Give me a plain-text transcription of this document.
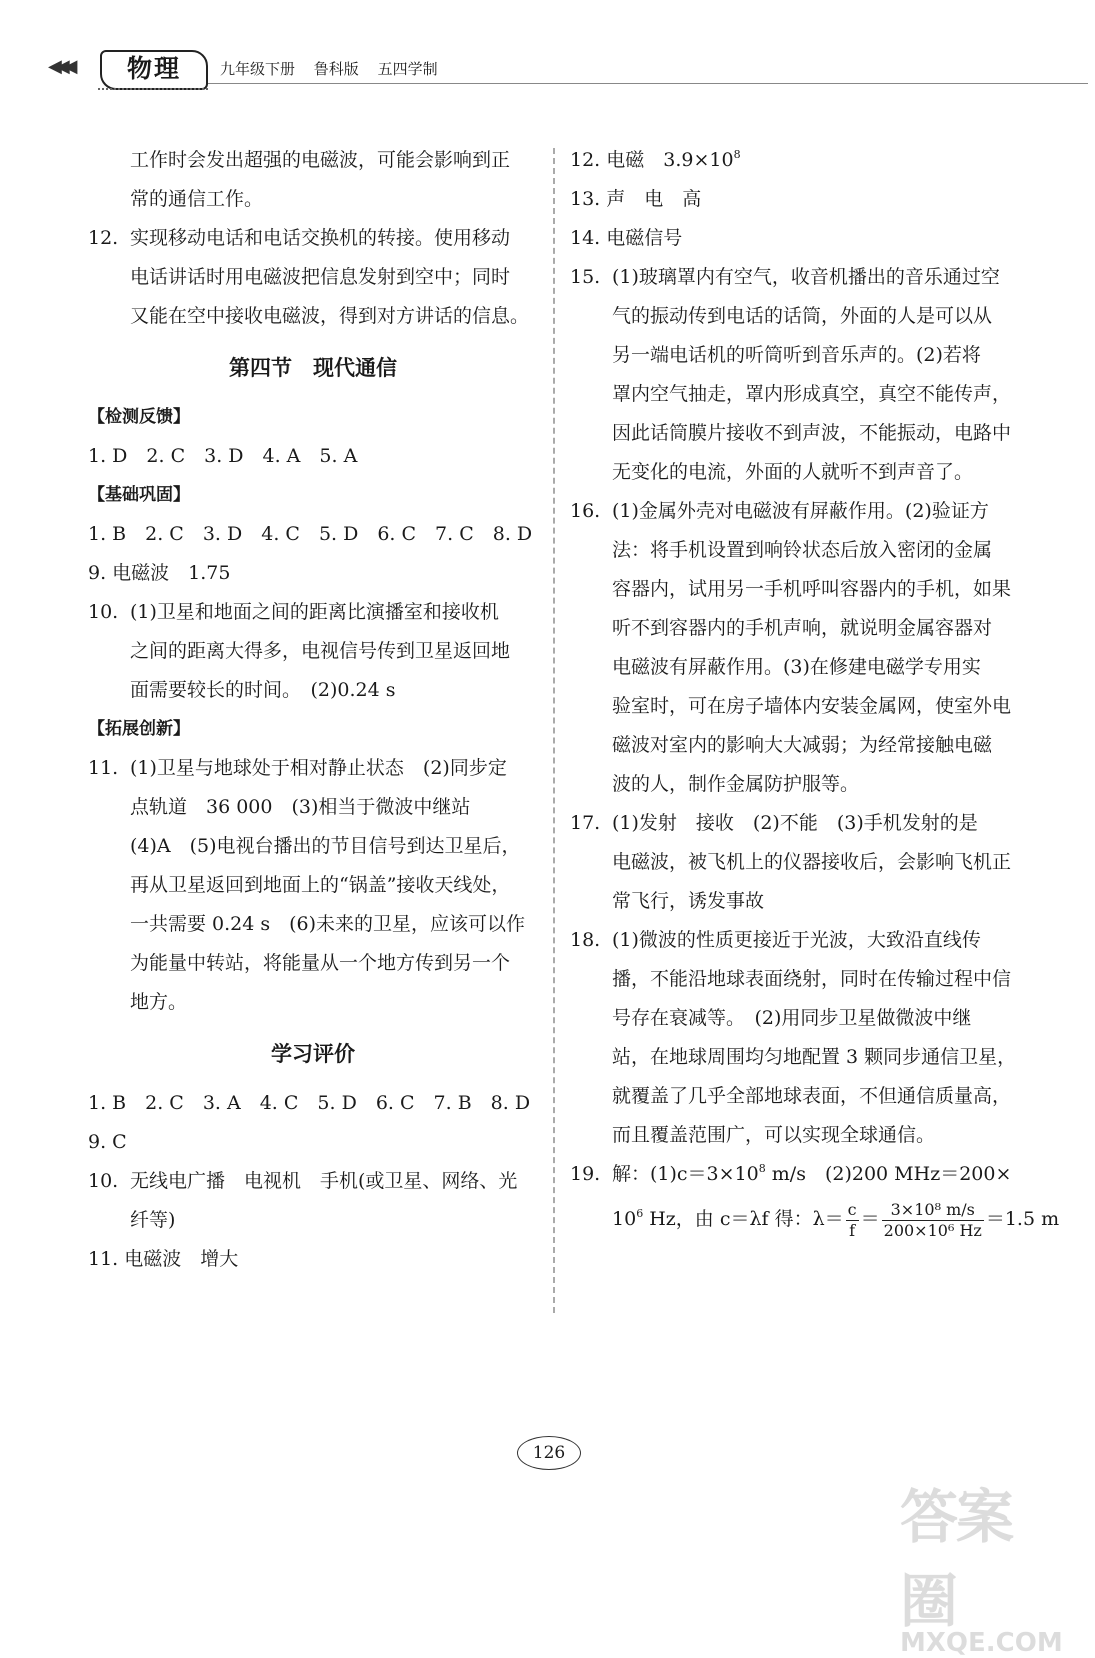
◀◀◀	物理	九年级下册 鲁科版 五四学制
工作时会发出超强的电磁波，可能会影响到正
常的通信工作。
12. 实现移动电话和电话交换机的转接。使用移动
电话讲话时用电磁波把信息发射到空中；同时
又能在空中接收电磁波，得到对方讲话的信息。
第四节　现代通信
【检测反馈】
1. D　2. C　3. D　4. A　5. A
【基础巩固】
1. B　2. C　3. D　4. C　5. D　6. C　7. C　8. D
9. 电磁波　1.75
10. (1)卫星和地面之间的距离比演播室和接收机
之间的距离大得多，电视信号传到卫星返回地
面需要较长的时间。　(2)0.24 s
【拓展创新】
11. (1)卫星与地球处于相对静止状态　(2)同步定
点轨道　36 000　(3)相当于微波中继站
(4)A　(5)电视台播出的节目信号到达卫星后，
再从卫星返回到地面上的“锅盖”接收天线处，
一共需要 0.24 s　(6)未来的卫星，应该可以作
为能量中转站，将能量从一个地方传到另一个
地方。
学习评价
1. B　2. C　3. A　4. C　5. D　6. C　7. B　8. D
9. C
10. 无线电广播　电视机　手机(或卫星、网络、光
纤等)
11. 电磁波　增大
12. 电磁　$3.9\times 10^8$
13. 声　电　高
14. 电磁信号
15. (1)玻璃罩内有空气，收音机播出的音乐通过空
气的振动传到电话的话筒，外面的人是可以从
另一端电话机的听筒听到音乐声的。(2)若将
罩内空气抽走，罩内形成真空，真空不能传声，
因此话筒膜片接收不到声波，不能振动，电路中
无变化的电流，外面的人就听不到声音了。
16. (1)金属外壳对电磁波有屏蔽作用。(2)验证方
法：将手机设置到响铃状态后放入密闭的金属
容器内，试用另一手机呼叫容器内的手机，如果
听不到容器内的手机声响，就说明金属容器对
电磁波有屏蔽作用。(3)在修建电磁学专用实
验室时，可在房子墙体内安装金属网，使室外电
磁波对室内的影响大大减弱；为经常接触电磁
波的人，制作金属防护服等。
17. (1)发射　接收　(2)不能　(3)手机发射的是
电磁波，被飞机上的仪器接收后，会影响飞机正
常飞行，诱发事故
18. (1)微波的性质更接近于光波，大致沿直线传
播，不能沿地球表面绕射，同时在传输过程中信
号存在衰减等。　(2)用同步卫星做微波中继
站，在地球周围均匀地配置 3 颗同步通信卫星，
就覆盖了几乎全部地球表面，不但通信质量高，
而且覆盖范围广，可以实现全球通信。
19. 解：$(1)c=3\times 10^8$ m/s　(2)200 MHz＝200×
$10^6$ Hz，由 c＝λf 得：$\lambda= \frac{c}{f} = \frac{\text{3×10⁸ m/s}}{\text{200×10⁶ Hz}} =1.5$ m
126
答案圈
MXQE.COM
